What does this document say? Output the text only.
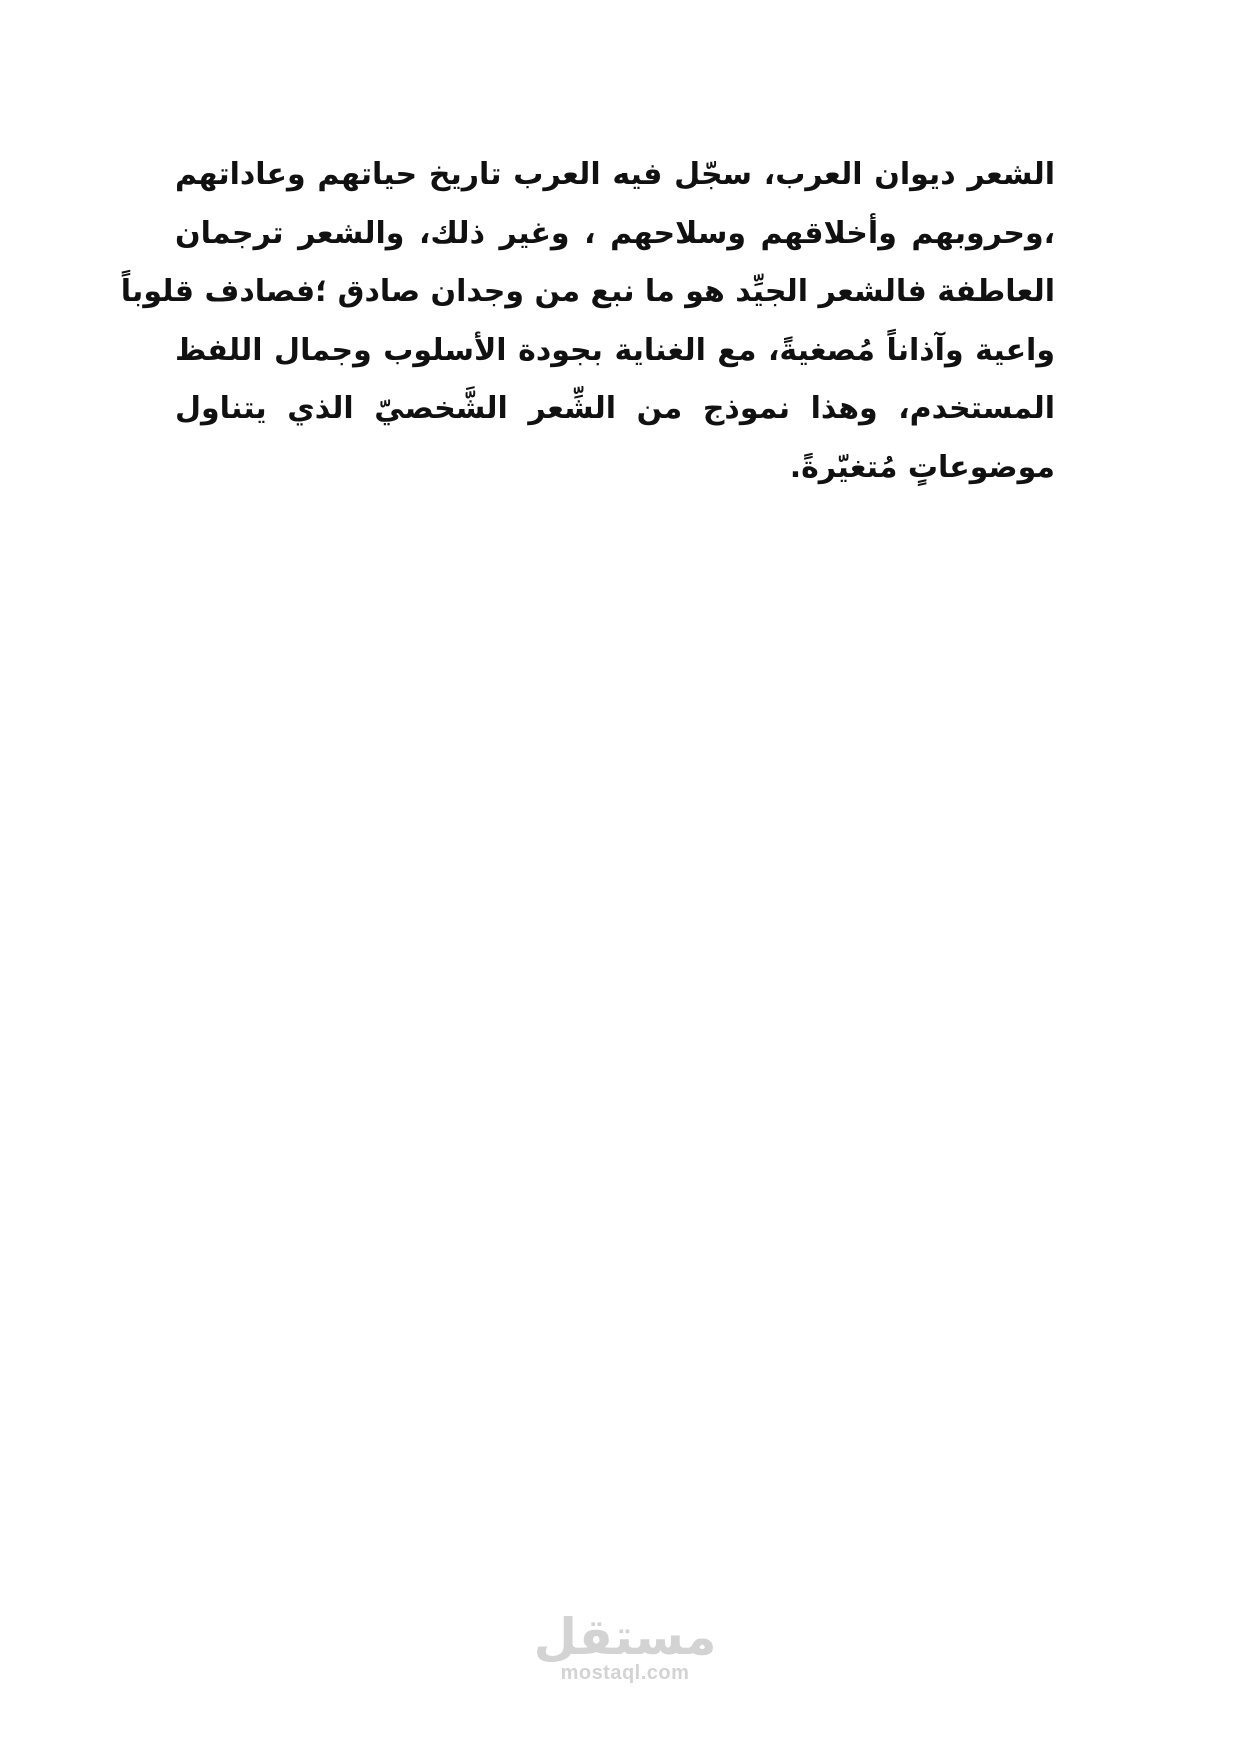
الشعر ديوان العرب، سجّل فيه العرب تاريخ حياتهم وعاداتهم
،وحروبهم وأخلاقهم وسلاحهم ، وغير ذلك، والشعر ترجمان
العاطفة فالشعر الجيِّد هو ما نبع من وجدان صادق ؛فصادف قلوباً
واعية وآذاناً مُصغيةً، مع الغناية بجودة الأسلوب وجمال اللفظ
المستخدم، وهذا نموذج من الشِّعر الشَّخصيّ الذي يتناول
موضوعاتٍ مُتغيّرةً.
مستقل
mostaql.com
